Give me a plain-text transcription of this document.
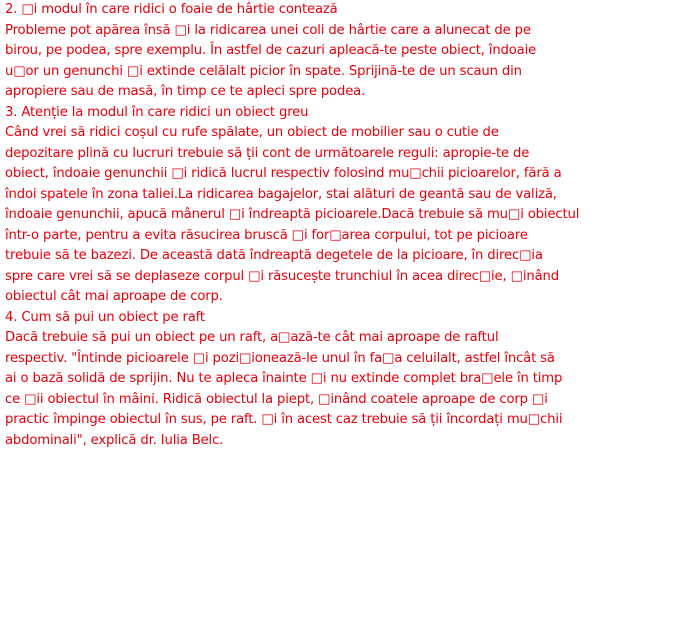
2. □i modul în care ridici o foaie de hârtie contează
Probleme pot apărea însă □i la ridicarea unei coli de hârtie care a alunecat de pe
birou, pe podea, spre exemplu. În astfel de cazuri apleacă-te peste obiect, îndoaie
u□or un genunchi □i extinde celălalt picior în spate. Sprijină-te de un scaun din
apropiere sau de masă, în timp ce te apleci spre podea.
3. Atenție la modul în care ridici un obiect greu
Când vrei să ridici coșul cu rufe spălate, un obiect de mobilier sau o cutie de
depozitare plină cu lucruri trebuie să ții cont de următoarele reguli: apropie-te de
obiect, îndoaie genunchii □i ridică lucrul respectiv folosind mu□chii picioarelor, fără a
îndoi spatele în zona taliei.La ridicarea bagajelor, stai alături de geantă sau de valiză,
îndoaie genunchii, apucă mânerul □i îndreaptă picioarele.Dacă trebuie să mu□i obiectul
într-o parte, pentru a evita răsucirea bruscă □i for□area corpului, tot pe picioare
trebuie să te bazezi. De această dată îndreaptă degetele de la picioare, în direc□ia
spre care vrei să se deplaseze corpul □i răsucește trunchiul în acea direc□ie, □inând
obiectul cât mai aproape de corp.
4. Cum să pui un obiect pe raft
Dacă trebuie să pui un obiect pe un raft, a□ază-te cât mai aproape de raftul
respectiv. "Întinde picioarele □i pozi□ionează-le unul în fa□a celuilalt, astfel încât să
ai o bază solidă de sprijin. Nu te apleca înainte □i nu extinde complet bra□ele în timp
ce □ii obiectul în mâini. Ridică obiectul la piept, □inând coatele aproape de corp □i
practic împinge obiectul în sus, pe raft. □i în acest caz trebuie să ții încordați mu□chii
abdominali", explică dr. Iulia Belc.
